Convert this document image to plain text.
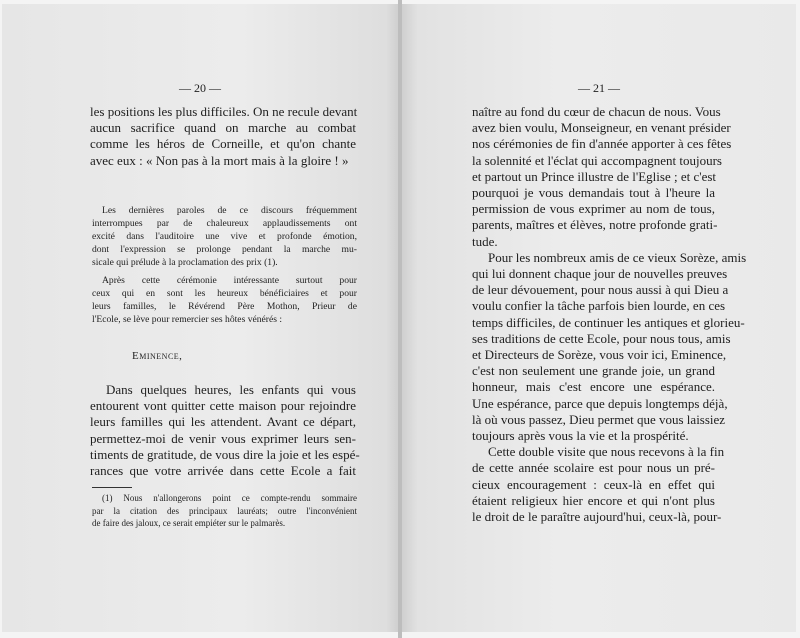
— 20 —
les positions les plus difficiles. On ne recule devant
aucun sacrifice quand on marche au combat
comme les héros de Corneille, et qu'on chante
avec eux : « Non pas à la mort mais à la gloire ! »
Les dernières paroles de ce discours fréquemment
interrompues par de chaleureux applaudissements ont
excité dans l'auditoire une vive et profonde émotion,
dont l'expression se prolonge pendant la marche mu-
sicale qui prélude à la proclamation des prix (1).
Après cette cérémonie intéressante surtout pour
ceux qui en sont les heureux bénéficiaires et pour
leurs familles, le Révérend Père Mothon, Prieur de
l'Ecole, se lève pour remercier ses hôtes vénérés :
Eminence,
Dans quelques heures, les enfants qui vous
entourent vont quitter cette maison pour rejoindre
leurs familles qui les attendent. Avant ce départ,
permettez-moi de venir vous exprimer leurs sen-
timents de gratitude, de vous dire la joie et les espé-
rances que votre arrivée dans cette Ecole a fait
(1) Nous n'allongerons point ce compte-rendu sommaire
par la citation des principaux lauréats; outre l'inconvénient
de faire des jaloux, ce serait empiéter sur le palmarès.
— 21 —
naître au fond du cœur de chacun de nous. Vous
avez bien voulu, Monseigneur, en venant présider
nos cérémonies de fin d'année apporter à ces fêtes
la solennité et l'éclat qui accompagnent toujours
et partout un Prince illustre de l'Eglise ; et c'est
pourquoi je vous demandais tout à l'heure la
permission de vous exprimer au nom de tous,
parents, maîtres et élèves, notre profonde grati-
tude.
Pour les nombreux amis de ce vieux Sorèze, amis
qui lui donnent chaque jour de nouvelles preuves
de leur dévouement, pour nous aussi à qui Dieu a
voulu confier la tâche parfois bien lourde, en ces
temps difficiles, de continuer les antiques et glorieu-
ses traditions de cette Ecole, pour nous tous, amis
et Directeurs de Sorèze, vous voir ici, Eminence,
c'est non seulement une grande joie, un grand
honneur, mais c'est encore une espérance.
Une espérance, parce que depuis longtemps déjà,
là où vous passez, Dieu permet que vous laissiez
toujours après vous la vie et la prospérité.
Cette double visite que nous recevons à la fin
de cette année scolaire est pour nous un pré-
cieux encouragement : ceux-là en effet qui
étaient religieux hier encore et qui n'ont plus
le droit de le paraître aujourd'hui, ceux-là, pour-
